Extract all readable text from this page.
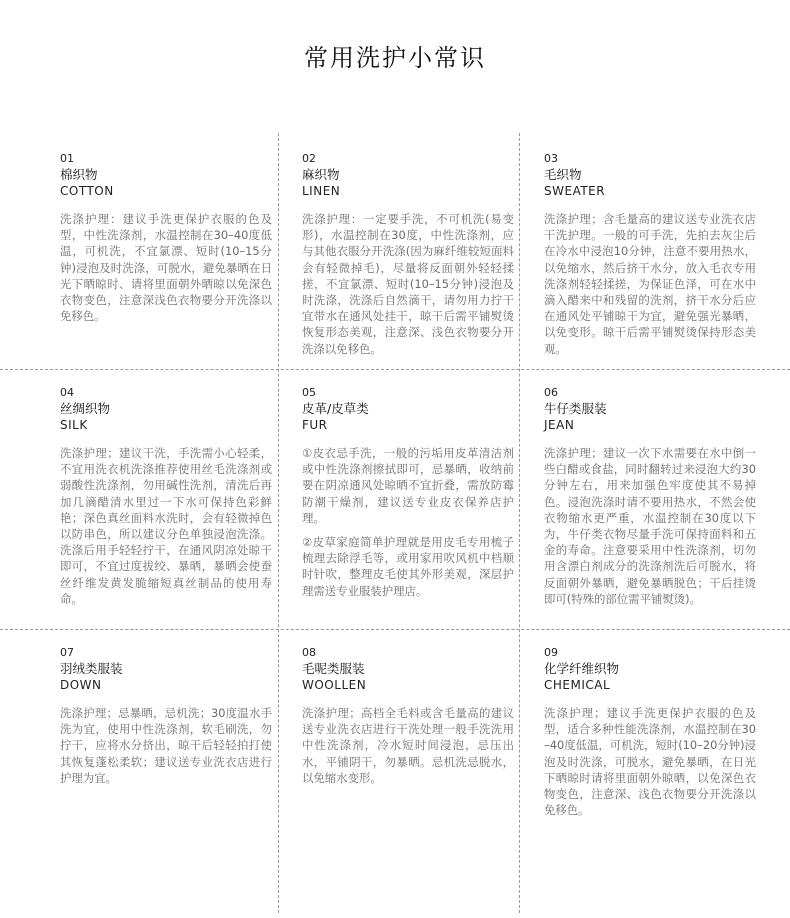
常用洗护小常识
01
棉织物
COTTON
洗涤护理：建议手洗更保护衣服的色及型，中性洗涤剂，水温控制在30–40度低温，可机洗，不宜氯漂、短时(10–15分钟)浸泡及时洗涤，可脱水，避免暴晒在日光下晒晾时、请将里面朝外晒晾以免深色衣物变色，注意深浅色衣物要分开洗涤以免移色。
02
麻织物
LINEN
洗涤护理：一定要手洗，不可机洗(易变形)，水温控制在30度，中性洗涤剂，应与其他衣服分开洗涤(因为麻纤维较短面料会有轻微掉毛)，尽量将反面朝外轻轻揉搓，不宜氯漂、短时(10–15分钟)浸泡及时洗涤，洗涤后自然滴干，请勿用力拧干宜带水在通风处挂干，晾干后需平铺熨烫恢复形态美观，注意深、浅色衣物要分开洗涤以免移色。
03
毛织物
SWEATER
洗涤护理；含毛量高的建议送专业洗衣店干洗护理。一般的可手洗，先拍去灰尘后在冷水中浸泡10分钟，注意不要用热水，以免缩水，然后挤干水分，放入毛衣专用洗涤剂轻轻揉搓，为保证色泽，可在水中滴入醋来中和残留的洗剂，挤干水分后应在通风处平铺晾干为宜，避免强光暴晒，以免变形。晾干后需平铺熨烫保持形态美观。
04
丝绸织物
SILK
洗涤护理；建议干洗，手洗需小心轻柔，不宜用洗衣机洗涤推荐使用丝毛洗涤剂或弱酸性洗涤剂，勿用碱性洗剂，清洗后再加几滴醋清水里过一下水可保持色彩鲜艳；深色真丝面料水洗时，会有轻微掉色以防串色，所以建议分色单独浸泡洗涤。洗涤后用手轻轻拧干，在通风阴凉处晾干即可，不宜过度拔绞、暴晒，暴晒会使蚕丝纤维发黄发脆缩短真丝制品的使用寿命。
05
皮革/皮草类
FUR
①皮衣忌手洗，一般的污垢用皮革清洁剂或中性洗涤剂擦拭即可，忌暴晒，收纳前要在阴凉通风处晾晒不宜折叠，需放防霉防潮干燥剂，建议送专业皮衣保养店护理。
②皮草家庭简单护理就是用皮毛专用梳子梳理去除浮毛等，或用家用吹风机中档顺时针吹，整理皮毛使其外形美观，深层护理需送专业服装护理店。
06
牛仔类服装
JEAN
洗涤护理；建议一次下水需要在水中倒一些白醋或食盐，同时翻转过来浸泡大约30分钟左右，用来加强色牢度使其不易掉色。浸泡洗涤时请不要用热水，不然会使衣物缩水更严重，水温控制在30度以下为，牛仔类衣物尽量手洗可保持面料和五金的寿命。注意要采用中性洗涤剂，切勿用含漂白剂成分的洗涤剂洗后可脱水，将反面朝外暴晒，避免暴晒脱色；干后挂烫即可(特殊的部位需平铺熨烫)。
07
羽绒类服装
DOWN
洗涤护理；忌暴晒，忌机洗；30度温水手洗为宜，使用中性洗涤剂，软毛刷洗，勿拧干，应将水分挤出，晾干后轻轻拍打使其恢复蓬松柔软；建议送专业洗衣店进行护理为宜。
08
毛呢类服装
WOOLLEN
洗涤护理；高档全毛料或含毛量高的建议送专业洗衣店进行干洗处理一般手洗洗用中性洗涤剂，冷水短时间浸泡，忌压出水，平铺阴干，勿暴晒。忌机洗忌脱水，以免缩水变形。
09
化学纤维织物
CHEMICAL
洗涤护理；建议手洗更保护衣服的色及型，适合多种性能洗涤剂，水温控制在30–40度低温，可机洗，短时(10–20分钟)浸泡及时洗涤，可脱水，避免暴晒，在日光下晒晾时请将里面朝外晾晒，以免深色衣物变色，注意深、浅色衣物要分开洗涤以免移色。
